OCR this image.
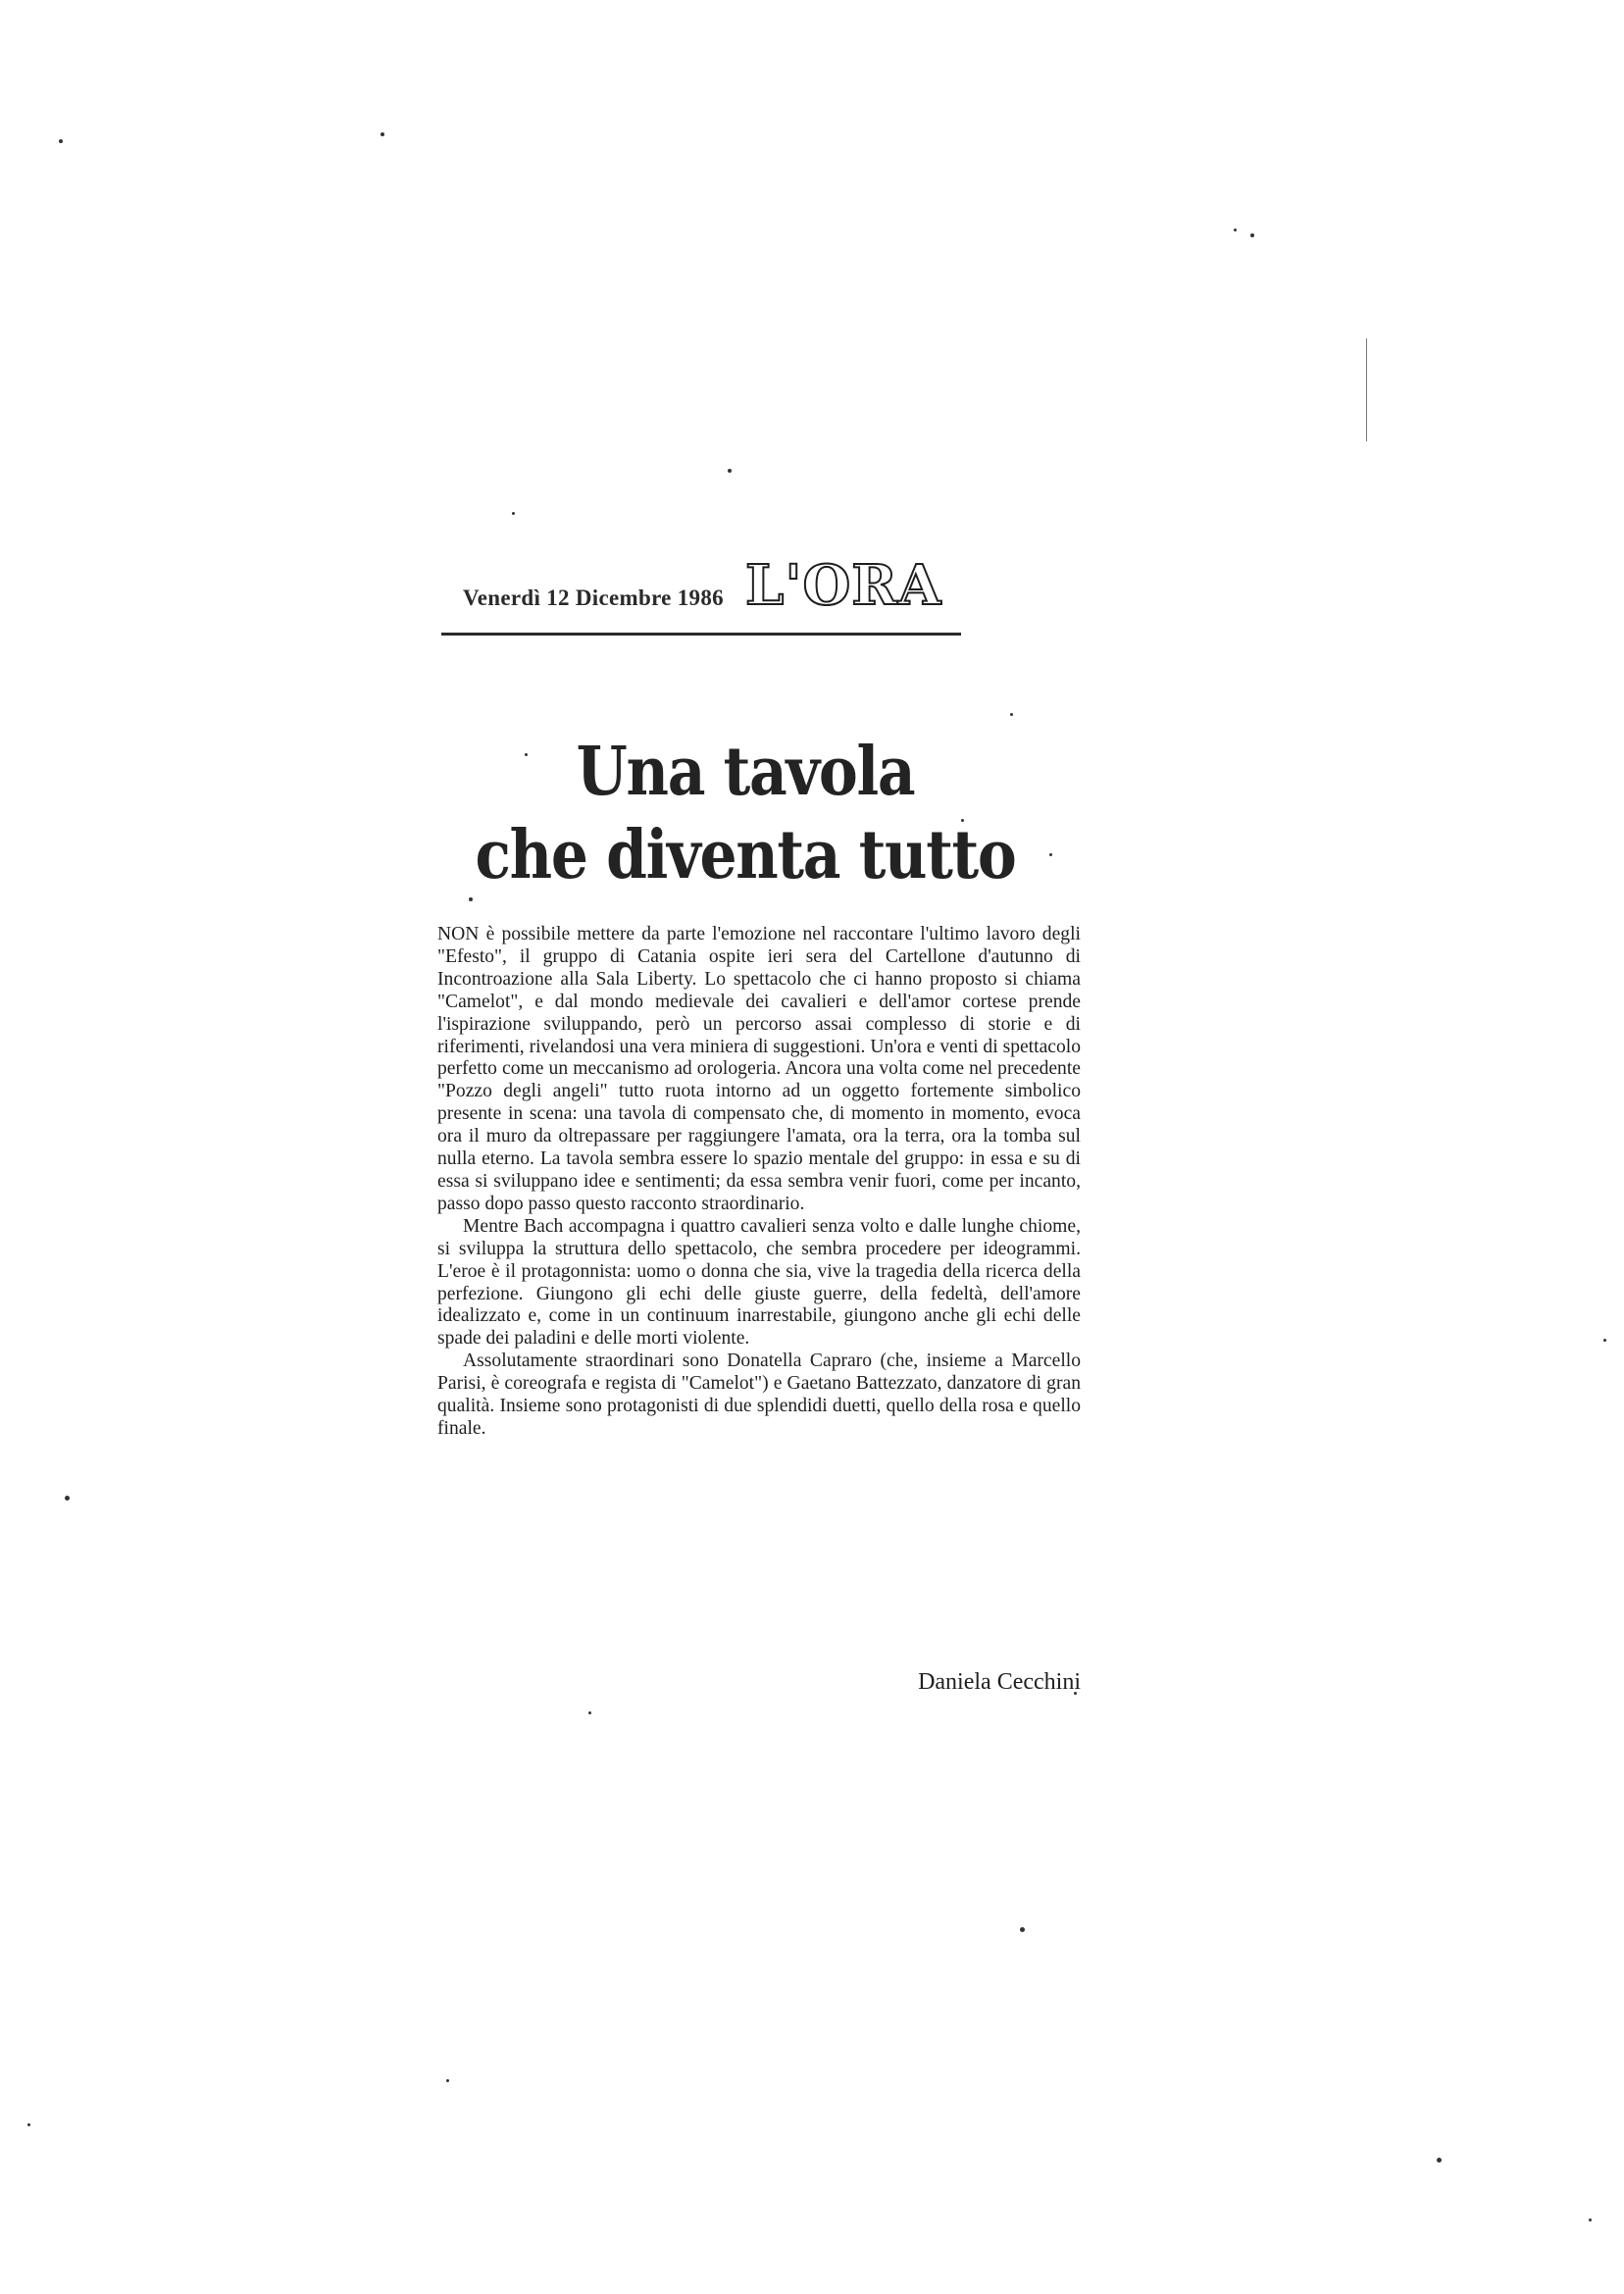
Venerdì 12 Dicembre 1986 L'ORA
Una tavola
che diventa tutto

NON è possibile mettere da parte l'emozione nel raccontare l'ultimo lavoro degli "Efesto", il gruppo di Catania ospite ieri sera del Cartellone d'autunno di Incontroazione alla Sala Liberty. Lo spettacolo che ci hanno proposto si chiama "Camelot", e dal mondo medievale dei cavalieri e dell'amor cortese prende l'ispirazione sviluppando, però un percorso assai complesso di storie e di riferimenti, rivelandosi una vera miniera di suggestioni. Un'ora e venti di spettacolo perfetto come un meccanismo ad orologeria. Ancora una volta come nel precedente "Pozzo degli angeli" tutto ruota intorno ad un oggetto fortemente simbolico presente in scena: una tavola di compensato che, di momento in momento, evoca ora il muro da oltrepassare per raggiungere l'amata, ora la terra, ora la tomba sul nulla eterno. La tavola sembra essere lo spazio mentale del gruppo: in essa e su di essa si sviluppano idee e sentimenti; da essa sembra venir fuori, come per incanto, passo dopo passo questo racconto straordinario.

Mentre Bach accompagna i quattro cavalieri senza volto e dalle lunghe chiome, si sviluppa la struttura dello spettacolo, che sembra procedere per ideogrammi. L'eroe è il protagonnista: uomo o donna che sia, vive la tragedia della ricerca della perfezione. Giungono gli echi delle giuste guerre, della fedeltà, dell'amore idealizzato e, come in un continuum inarrestabile, giungono anche gli echi delle spade dei paladini e delle morti violente.

Assolutamente straordinari sono Donatella Capraro (che, insieme a Marcello Parisi, è coreografa e regista di "Camelot") e Gaetano Battezzato, danzatore di gran qualità. Insieme sono protagonisti di due splendidi duetti, quello della rosa e quello finale.

Daniela Cecchini
